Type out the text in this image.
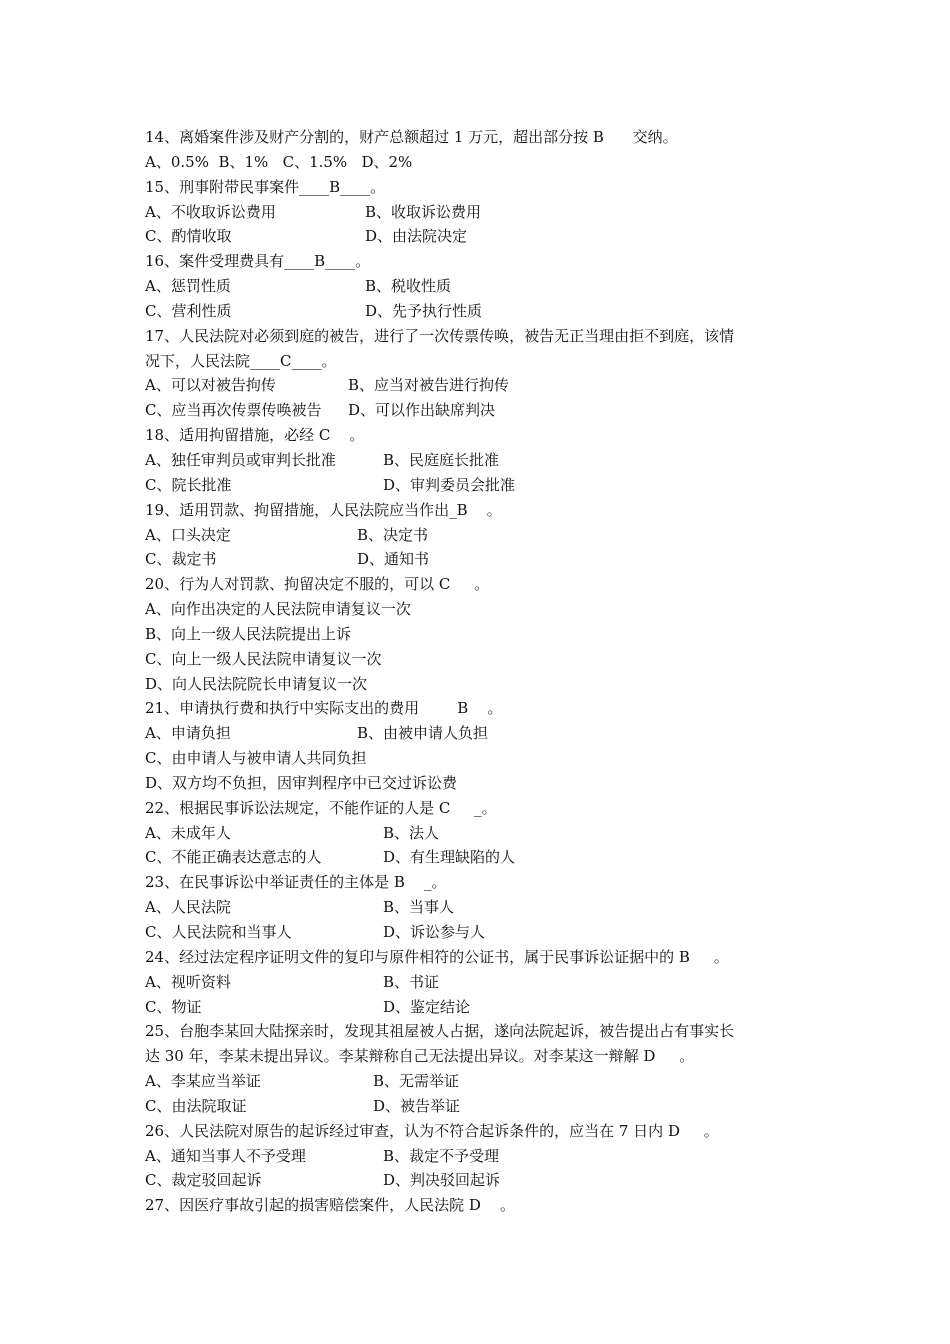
14、离婚案件涉及财产分割的，财产总额超过 1 万元，超出部分按 B      交纳。
A、0.5%  B、1%   C、1.5%   D、2%
15、刑事附带民事案件____B____。
A、不收取诉讼费用	B、收取诉讼费用
C、酌情收取	D、由法院决定
16、案件受理费具有____B____。
A、惩罚性质	B、税收性质
C、营利性质	D、先予执行性质
17、人民法院对必须到庭的被告，进行了一次传票传唤，被告无正当理由拒不到庭，该情
况下，人民法院____C____。
A、可以对被告拘传	B、应当对被告进行拘传
C、应当再次传票传唤被告 D、可以作出缺席判决
18、适用拘留措施，必经 C    。
A、独任审判员或审判长批准	B、民庭庭长批准
C、院长批准	D、审判委员会批准
19、适用罚款、拘留措施，人民法院应当作出_B    。
A、口头决定	B、决定书
C、裁定书	D、通知书
20、行为人对罚款、拘留决定不服的，可以 C     。
A、向作出决定的人民法院申请复议一次
B、向上一级人民法院提出上诉
C、向上一级人民法院申请复议一次
D、向人民法院院长申请复议一次
21、申请执行费和执行中实际支出的费用        B    。
A、申请负担	B、由被申请人负担
C、由申请人与被申请人共同负担
D、双方均不负担，因审判程序中已交过诉讼费
22、根据民事诉讼法规定，不能作证的人是 C     _。
A、未成年人	B、法人
C、不能正确表达意志的人	D、有生理缺陷的人
23、在民事诉讼中举证责任的主体是 B    _。
A、人民法院	B、当事人
C、人民法院和当事人	D、诉讼参与人
24、经过法定程序证明文件的复印与原件相符的公证书，属于民事诉讼证据中的 B     。
A、视听资料	B、书证
C、物证	D、鉴定结论
25、台胞李某回大陆探亲时，发现其祖屋被人占据，遂向法院起诉，被告提出占有事实长
达 30 年，李某未提出异议。李某辩称自己无法提出异议。对李某这一辩解 D     。
A、李某应当举证	B、无需举证
C、由法院取证	D、被告举证
26、人民法院对原告的起诉经过审查，认为不符合起诉条件的，应当在 7 日内 D     。
A、通知当事人不予受理	B、裁定不予受理
C、裁定驳回起诉	D、判决驳回起诉
27、因医疗事故引起的损害赔偿案件，人民法院 D    。
